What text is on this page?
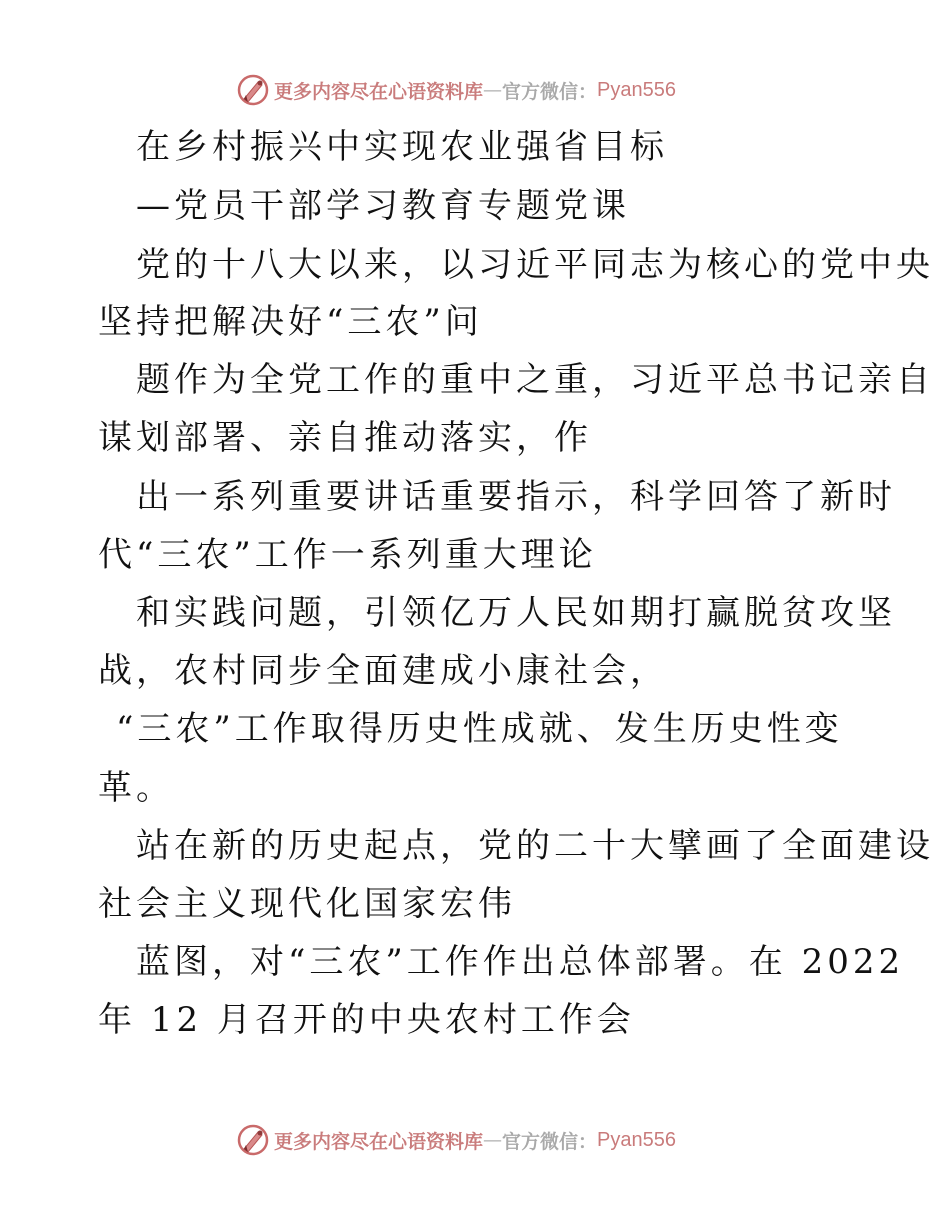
更多内容尽在心语资料库 — 官方微信： Pyan556
在乡村振兴中实现农业强省目标
—党员干部学习教育专题党课
党的十八大以来，以习近平同志为核心的党中央
坚持把解决好“三农”问
题作为全党工作的重中之重，习近平总书记亲自
谋划部署、亲自推动落实，作
出一系列重要讲话重要指示，科学回答了新时
代“三农”工作一系列重大理论
和实践问题，引领亿万人民如期打赢脱贫攻坚
战，农村同步全面建成小康社会，
“三农”工作取得历史性成就、发生历史性变
革。
站在新的历史起点，党的二十大擘画了全面建设
社会主义现代化国家宏伟
蓝图，对“三农”工作作出总体部署。在 2022
年 12 月召开的中央农村工作会
更多内容尽在心语资料库 — 官方微信： Pyan556
